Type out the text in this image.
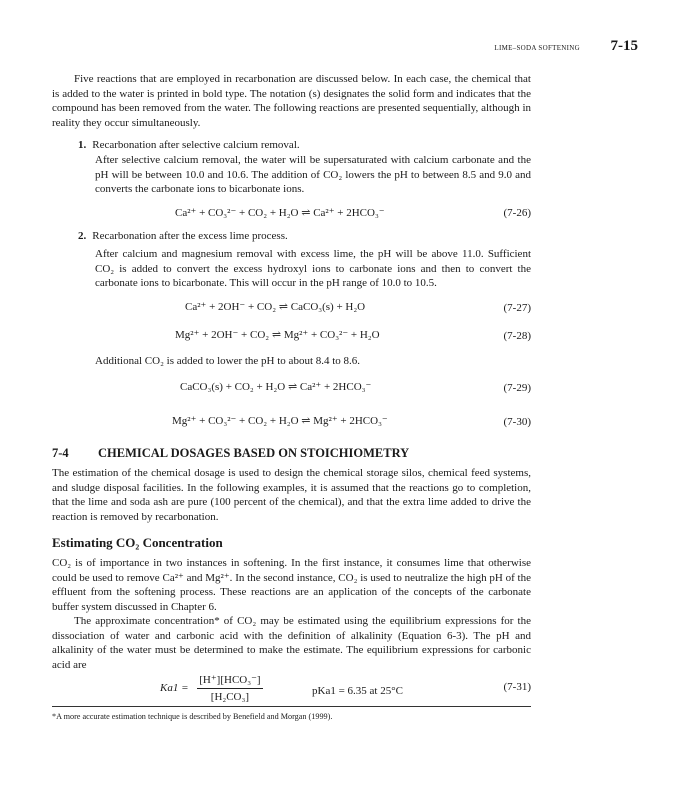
LIME–SODA SOFTENING 7-15

Five reactions that are employed in recarbonation are discussed below. In each case, the chemical that is added to the water is printed in bold type. The notation (s) designates the solid form and indicates that the compound has been removed from the water. The following reactions are presented sequentially, although in reality they occur simultaneously.

1. Recarbonation after selective calcium removal.

After selective calcium removal, the water will be supersaturated with calcium carbonate and the pH will be between 10.0 and 10.6. The addition of CO₂ lowers the pH to between 8.5 and 9.0 and converts the carbonate ions to bicarbonate ions.

Ca²⁺ + CO₃²⁻ + CO₂ + H₂O ⇌ Ca²⁺ + 2HCO₃⁻	(7-26)
2. Recarbonation after the excess lime process.

After calcium and magnesium removal with excess lime, the pH will be above 11.0. Sufficient CO₂ is added to convert the excess hydroxyl ions to carbonate ions and then to convert the carbonate ions to bicarbonate. This will occur in the pH range of 10.0 to 10.5.

Ca²⁺ + 2OH⁻ + CO₂ ⇌ CaCO₃(s) + H₂O	(7-27)
Mg²⁺ + 2OH⁻ + CO₂ ⇌ Mg²⁺ + CO₃²⁻ + H₂O	(7-28)

Additional CO₂ is added to lower the pH to about 8.4 to 8.6.

CaCO₃(s) + CO₂ + H₂O ⇌ Ca²⁺ + 2HCO₃⁻	(7-29)
Mg²⁺ + CO₃²⁻ + CO₂ + H₂O ⇌ Mg²⁺ + 2HCO₃⁻	(7-30)
7-4 CHEMICAL DOSAGES BASED ON STOICHIOMETRY

The estimation of the chemical dosage is used to design the chemical storage silos, chemical feed systems, and sludge disposal facilities. In the following examples, it is assumed that the reactions go to completion, that the lime and soda ash are pure (100 percent of the chemical), and that the extra lime added to drive the reaction is removed by recarbonation.

Estimating CO₂ Concentration

CO₂ is of importance in two instances in softening. In the first instance, it consumes lime that otherwise could be used to remove Ca²⁺ and Mg²⁺. In the second instance, CO₂ is used to neutralize the high pH of the effluent from the softening process. These reactions are an application of the concepts of the carbonate buffer system discussed in Chapter 6.

The approximate concentration* of CO₂ may be estimated using the equilibrium expressions for the dissociation of water and carbonic acid with the definition of alkalinity (Equation 6-3). The pH and alkalinity of the water must be determined to make the estimate. The equilibrium expressions for carbonic acid are

$Ka1 = \frac{\text{[H⁺][HCO₃⁻]}}{\text{[H₂CO₃]}}$	pKa1 = 6.35 at 25°C	(7-31)
*A more accurate estimation technique is described by Benefield and Morgan (1999).
